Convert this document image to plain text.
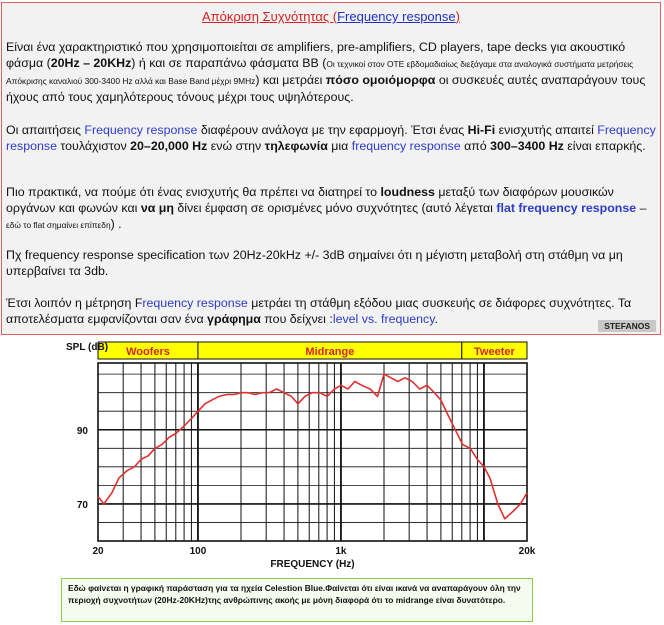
Απόκριση Συχνότητας (Frequency response)

Είναι ένα χαρακτηριστικό που χρησιμοποιείται σε amplifiers, pre-amplifiers, CD players, tape decks για ακουστικό φάσμα (20Hz – 20KHz) ή και σε παραπάνω φάσματα ΒΒ (Οι τεχνικοί στον ΟΤΕ εβδομαδιαίως διεξάγαμε στα αναλογικά συστήματα μετρήσεις Απόκρισης καναλιού 300-3400 Hz αλλά και Base Band μέχρι 9MHz) και μετράει πόσο ομοιόμορφα οι συσκευές αυτές αναπαράγουν τους ήχους από τους χαμηλότερους τόνους μέχρι τους υψηλότερους.

Οι απαιτήσεις Frequency response διαφέρουν ανάλογα με την εφαρμογή. Έτσι ένας Hi-Fi ενισχυτής απαιτεί Frequency response τουλάχιστον 20–20,000 Hz ενώ στην τηλεφωνία μια frequency response από 300–3400 Hz είναι επαρκής.

Πιο πρακτικά, να πούμε ότι ένας ενισχυτής θα πρέπει να διατηρεί το loudness μεταξύ των διαφόρων μουσικών οργάνων και φωνών και να μη δίνει έμφαση σε ορισμένες μόνο συχνότητες (αυτό λέγεται flat frequency response – εδώ το flat σημαίνει επίπεδη) .

Πχ frequency response specification των 20Hz-20kHz +/- 3dB σημαίνει ότι η μέγιστη μεταβολή στη στάθμη να μη υπερβαίνει τα 3db.

Έτσι λοιπόν η μέτρηση Frequency response μετράει τη στάθμη εξόδου μιας συσκευής σε διάφορες συχνότητες. Τα αποτελέσματα εμφανίζονται σαν ένα γράφημα που δείχνει :level vs. frequency.	STEFANOS
Woofers	Midrange	Tweeter
SPL (dB)
90
70
20	100	1k	20k
FREQUENCY (Hz)
Εδώ φαίνεται η γραφική παράσταση για τα ηχεία Celestion Blue.Φαίνεται ότι είναι ικανά να αναπαράγουν όλη την περιοχή συχνοτήτων (20Hz-20KHz)της ανθρώπινης ακοής με μόνη διαφορά ότι το midrange είναι δυνατότερο.
